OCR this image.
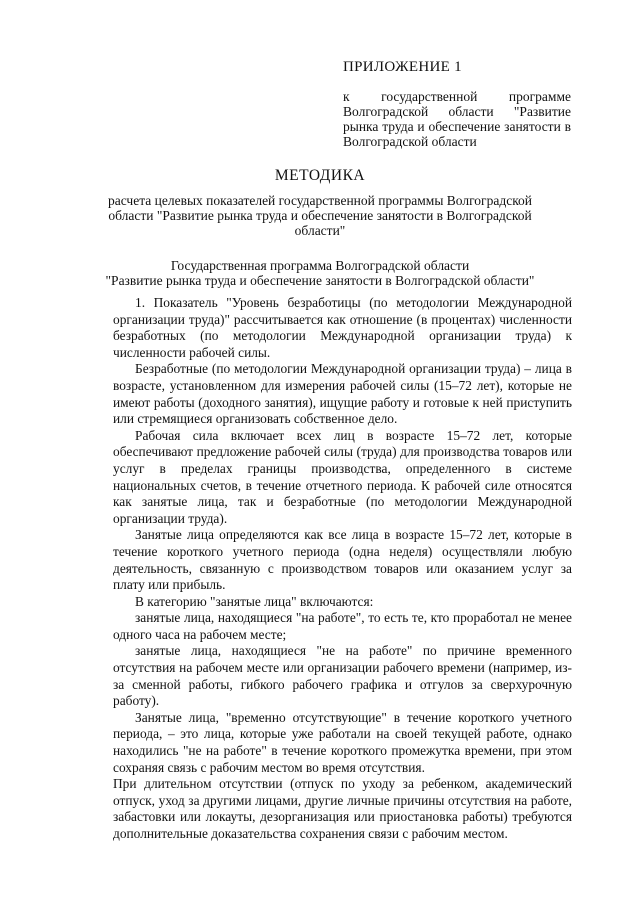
ПРИЛОЖЕНИЕ 1
к государственной программе Волгоградской области "Развитие рынка труда и обеспечение занятости в Волгоградской области
МЕТОДИКА
расчета целевых показателей государственной программы Волгоградской области "Развитие рынка труда и обеспечение занятости в Волгоградской области"
Государственная программа Волгоградской области
"Развитие рынка труда и обеспечение занятости в Волгоградской области"

1. Показатель "Уровень безработицы (по методологии Международной организации труда)" рассчитывается как отношение (в процентах) численности безработных (по методологии Международной организации труда) к численности рабочей силы.

Безработные (по методологии Международной организации труда) – лица в возрасте, установленном для измерения рабочей силы (15–72 лет), которые не имеют работы (доходного занятия), ищущие работу и готовые к ней приступить или стремящиеся организовать собственное дело.

Рабочая сила включает всех лиц в возрасте 15–72 лет, которые обеспечивают предложение рабочей силы (труда) для производства товаров или услуг в пределах границы производства, определенного в системе национальных счетов, в течение отчетного периода. К рабочей силе относятся как занятые лица, так и безработные (по методологии Международной организации труда).

Занятые лица определяются как все лица в возрасте 15–72 лет, которые в течение короткого учетного периода (одна неделя) осуществляли любую деятельность, связанную с производством товаров или оказанием услуг за плату или прибыль.

В категорию "занятые лица" включаются:

занятые лица, находящиеся "на работе", то есть те, кто проработал не менее одного часа на рабочем месте;

занятые лица, находящиеся "не на работе" по причине временного отсутствия на рабочем месте или организации рабочего времени (например, из-за сменной работы, гибкого рабочего графика и отгулов за сверхурочную работу).

Занятые лица, "временно отсутствующие" в течение короткого учетного периода, – это лица, которые уже работали на своей текущей работе, однако находились "не на работе" в течение короткого промежутка времени, при этом сохраняя связь с рабочим местом во время отсутствия.

При длительном отсутствии (отпуск по уходу за ребенком, академический отпуск, уход за другими лицами, другие личные причины отсутствия на работе, забастовки или локауты, дезорганизация или приостановка работы) требуются дополнительные доказательства сохранения связи с рабочим местом.
